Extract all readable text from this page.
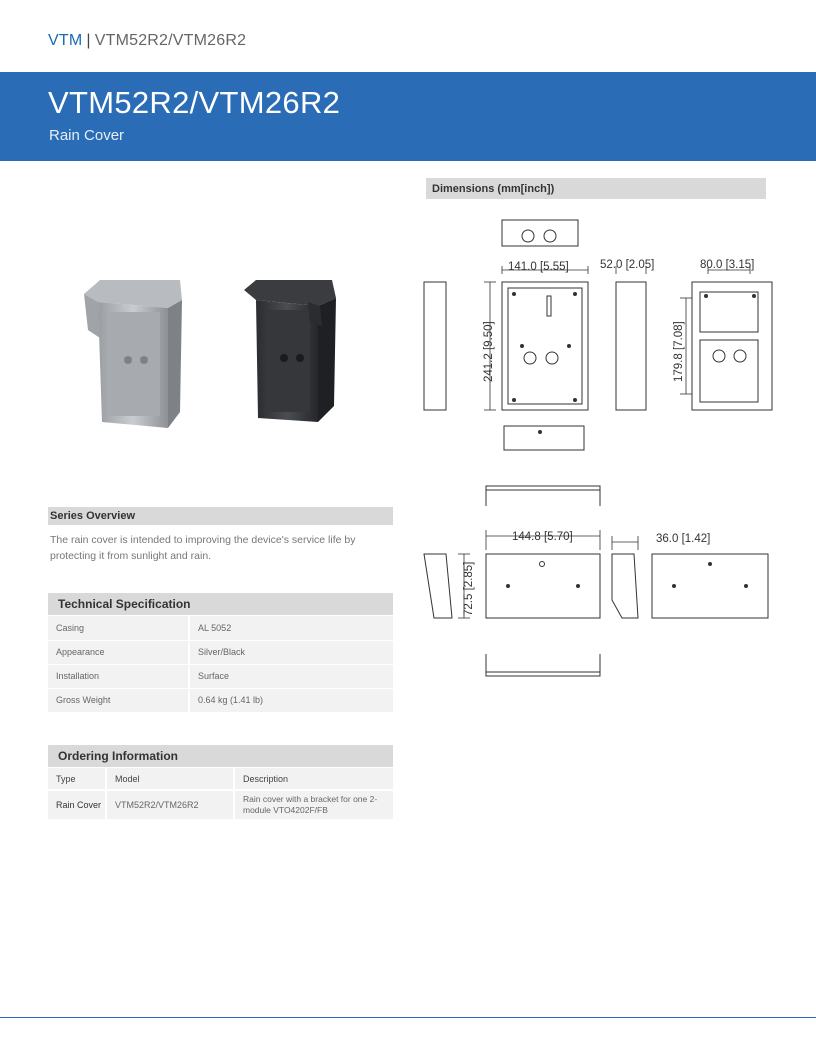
VTM | VTM52R2/VTM26R2
VTM52R2/VTM26R2
Rain Cover
Dimensions (mm[inch])
141.0 [5.55]	52.0 [2.05]	80.0 [3.15]
241.2 [9.50]	179.8 [7.08]
72.5 [2.85]
144.8 [5.70]	36.0 [1.42]
Series Overview
The rain cover is intended to improving the device's service life by protecting it from sunlight and rain.
Technical Specification
Casing	AL 5052
Appearance	Silver/Black
Installation	Surface
Gross Weight	0.64 kg (1.41 lb)
Ordering Information
Type	Model	Description
Rain Cover	VTM52R2/VTM26R2	Rain cover with a bracket for one 2-module VTO4202F/FB
